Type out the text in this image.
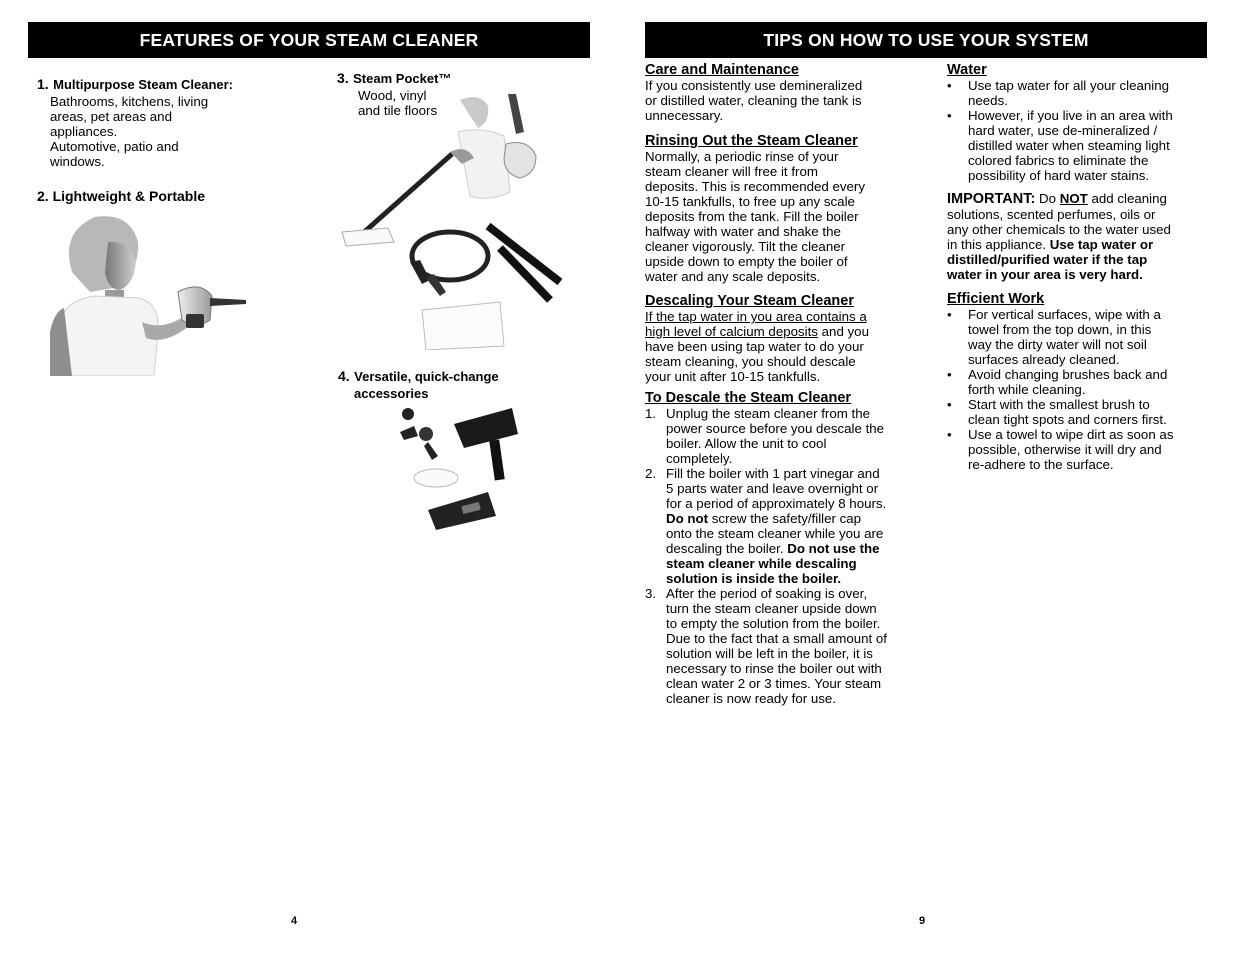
FEATURES OF YOUR STEAM CLEANER
1. Multipurpose Steam Cleaner:
Bathrooms, kitchens, living
areas, pet areas and
appliances.
Automotive, patio and
windows.
2. Lightweight & Portable
3. Steam Pocket™
Wood, vinyl
and tile floors
4. Versatile, quick-change
accessories
4
TIPS ON HOW TO USE YOUR SYSTEM
Care and Maintenance
If you consistently use demineralized
or distilled water, cleaning the tank is
unnecessary.
Rinsing Out the Steam Cleaner
Normally, a periodic rinse of your
steam cleaner will free it from
deposits. This is recommended every
10-15 tankfulls, to free up any scale
deposits from the tank. Fill the boiler
halfway with water and shake the
cleaner vigorously. Tilt the cleaner
upside down to empty the boiler of
water and any scale deposits.
Descaling Your Steam Cleaner
If the tap water in you area contains a
high level of calcium deposits and you
have been using tap water to do your
steam cleaning, you should descale
your unit after 10-15 tankfulls.
To Descale the Steam Cleaner
1. Unplug the steam cleaner from the
power source before you descale the
boiler. Allow the unit to cool
completely.
2. Fill the boiler with 1 part vinegar and
5 parts water and leave overnight or
for a period of approximately 8 hours.
Do not screw the safety/filler cap
onto the steam cleaner while you are
descaling the boiler. Do not use the
steam cleaner while descaling
solution is inside the boiler.
3. After the period of soaking is over,
turn the steam cleaner upside down
to empty the solution from the boiler.
Due to the fact that a small amount of
solution will be left in the boiler, it is
necessary to rinse the boiler out with
clean water 2 or 3 times. Your steam
cleaner is now ready for use.
Water
• Use tap water for all your cleaning
needs.
• However, if you live in an area with
hard water, use de-mineralized /
distilled water when steaming light
colored fabrics to eliminate the
possibility of hard water stains.
IMPORTANT: Do NOT add cleaning
solutions, scented perfumes, oils or
any other chemicals to the water used
in this appliance. Use tap water or
distilled/purified water if the tap
water in your area is very hard.
Efficient Work
• For vertical surfaces, wipe with a
towel from the top down, in this
way the dirty water will not soil
surfaces already cleaned.
• Avoid changing brushes back and
forth while cleaning.
• Start with the smallest brush to
clean tight spots and corners first.
• Use a towel to wipe dirt as soon as
possible, otherwise it will dry and
re-adhere to the surface.
9
